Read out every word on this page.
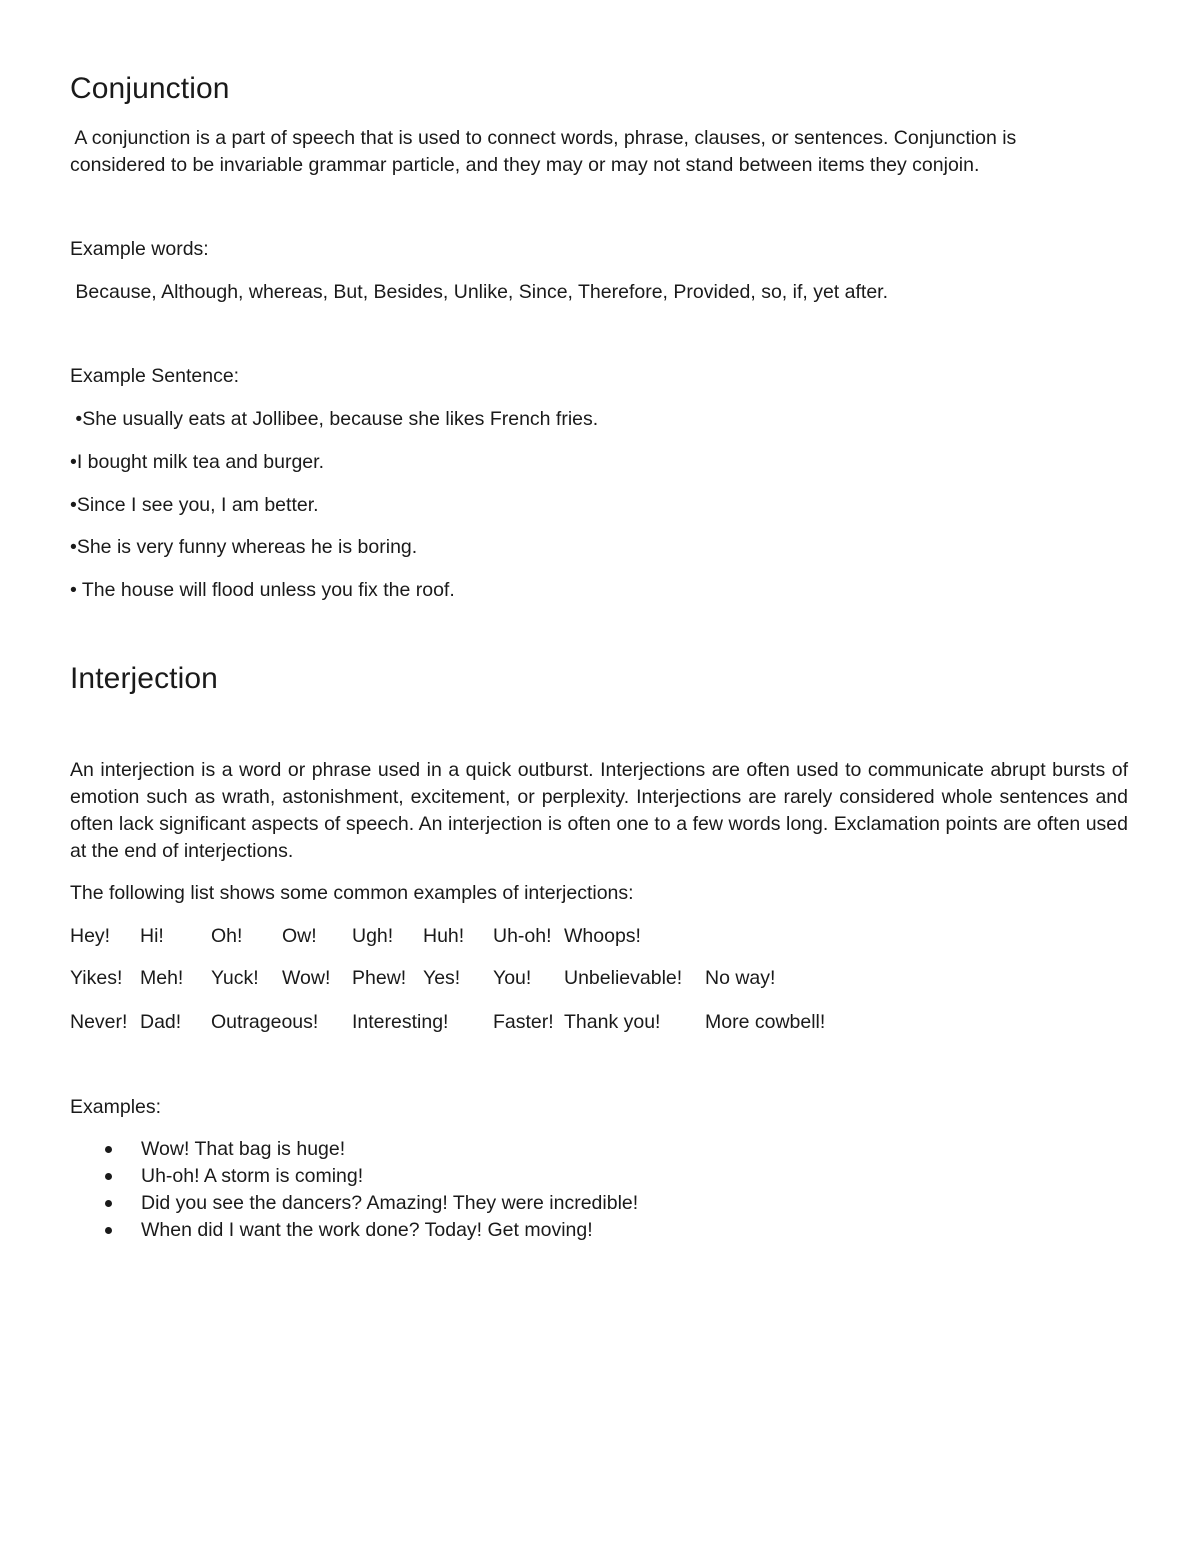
Conjunction
A conjunction is a part of speech that is used to connect words, phrase, clauses, or sentences. Conjunction is
considered to be invariable grammar particle, and they may or may not stand between items they conjoin.
Example words:
Because, Although, whereas, But, Besides, Unlike, Since, Therefore, Provided, so, if, yet after.
Example Sentence:
•She usually eats at Jollibee, because she likes French fries.
•I bought milk tea and burger.
•Since I see you, I am better.
•She is very funny whereas he is boring.
• The house will flood unless you fix the roof.
Interjection

An interjection is a word or phrase used in a quick outburst. Interjections are often used to communicate abrupt bursts of emotion such as wrath, astonishment, excitement, or perplexity. Interjections are rarely considered whole sentences and often lack significant aspects of speech. An interjection is often one to a few words long. Exclamation points are often used at the end of interjections.

The following list shows some common examples of interjections:
Hey! Hi! Oh! Ow! Ugh! Huh! Uh-oh! Whoops!
Yikes! Meh! Yuck! Wow! Phew! Yes! You! Unbelievable! No way!
Never! Dad! Outrageous! Interesting! Faster! Thank you! More cowbell!
Examples:
Wow! That bag is huge!
Uh-oh! A storm is coming!
Did you see the dancers? Amazing! They were incredible!
When did I want the work done? Today! Get moving!
